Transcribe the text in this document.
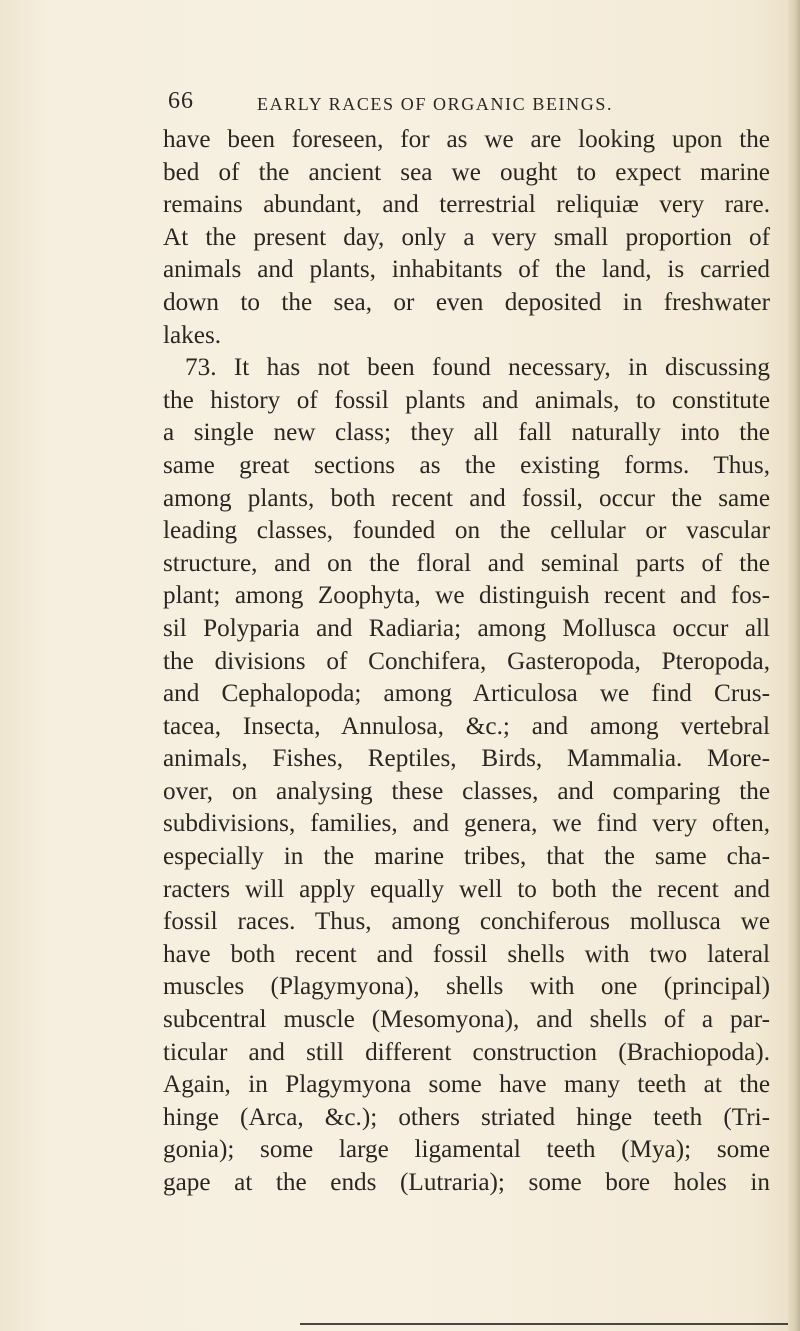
66	EARLY RACES OF ORGANIC BEINGS.
have been foreseen, for as we are looking upon the
bed of the ancient sea we ought to expect marine
remains abundant, and terrestrial reliquiæ very rare.
At the present day, only a very small proportion of
animals and plants, inhabitants of the land, is carried
down to the sea, or even deposited in freshwater
lakes.
73. It has not been found necessary, in discussing
the history of fossil plants and animals, to constitute
a single new class; they all fall naturally into the
same great sections as the existing forms. Thus,
among plants, both recent and fossil, occur the same
leading classes, founded on the cellular or vascular
structure, and on the floral and seminal parts of the
plant; among Zoophyta, we distinguish recent and fos-
sil Polyparia and Radiaria; among Mollusca occur all
the divisions of Conchifera, Gasteropoda, Pteropoda,
and Cephalopoda; among Articulosa we find Crus-
tacea, Insecta, Annulosa, &c.; and among vertebral
animals, Fishes, Reptiles, Birds, Mammalia. More-
over, on analysing these classes, and comparing the
subdivisions, families, and genera, we find very often,
especially in the marine tribes, that the same cha-
racters will apply equally well to both the recent and
fossil races. Thus, among conchiferous mollusca we
have both recent and fossil shells with two lateral
muscles (Plagymyona), shells with one (principal)
subcentral muscle (Mesomyona), and shells of a par-
ticular and still different construction (Brachiopoda).
Again, in Plagymyona some have many teeth at the
hinge (Arca, &c.); others striated hinge teeth (Tri-
gonia); some large ligamental teeth (Mya); some
gape at the ends (Lutraria); some bore holes in
